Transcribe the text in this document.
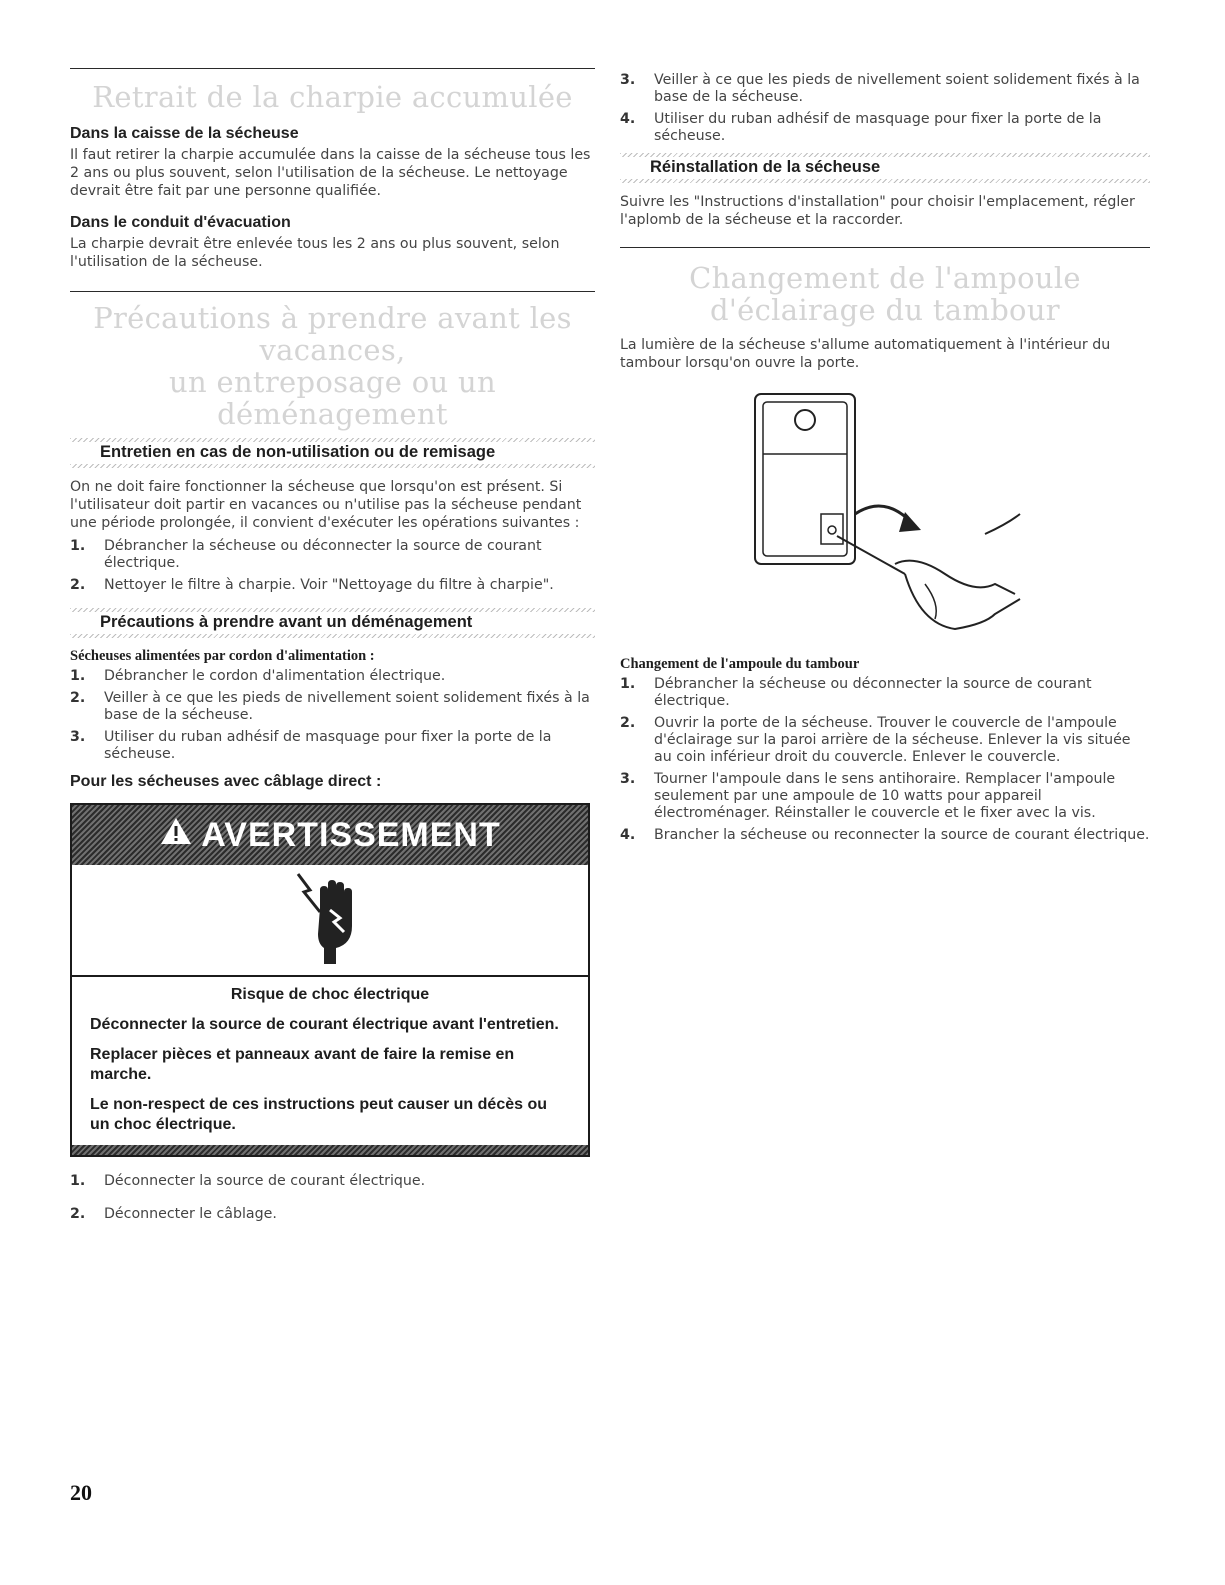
Retrait de la charpie accumulée
Dans la caisse de la sécheuse

Il faut retirer la charpie accumulée dans la caisse de la sécheuse tous les 2 ans ou plus souvent, selon l'utilisation de la sécheuse. Le nettoyage devrait être fait par une personne qualifiée.

Dans le conduit d'évacuation

La charpie devrait être enlevée tous les 2 ans ou plus souvent, selon l'utilisation de la sécheuse.

Précautions à prendre avant les vacances,
un entreposage ou un déménagement
Entretien en cas de non-utilisation ou de remisage

On ne doit faire fonctionner la sécheuse que lorsqu'on est présent. Si l'utilisateur doit partir en vacances ou n'utilise pas la sécheuse pendant une période prolongée, il convient d'exécuter les opérations suivantes :

1.	Débrancher la sécheuse ou déconnecter la source de courant électrique.
2.	Nettoyer le filtre à charpie. Voir "Nettoyage du filtre à charpie".
Précautions à prendre avant un déménagement
Sécheuses alimentées par cordon d'alimentation :
1.	Débrancher le cordon d'alimentation électrique.
2.	Veiller à ce que les pieds de nivellement soient solidement fixés à la base de la sécheuse.
3.	Utiliser du ruban adhésif de masquage pour fixer la porte de la sécheuse.
Pour les sécheuses avec câblage direct :
AVERTISSEMENT
Risque de choc électrique
Déconnecter la source de courant électrique avant l'entretien.
Replacer pièces et panneaux avant de faire la remise en marche.
Le non-respect de ces instructions peut causer un décès ou un choc électrique.
1.	Déconnecter la source de courant électrique.
2.	Déconnecter le câblage.
3.	Veiller à ce que les pieds de nivellement soient solidement fixés à la base de la sécheuse.
4.	Utiliser du ruban adhésif de masquage pour fixer la porte de la sécheuse.
Réinstallation de la sécheuse

Suivre les "Instructions d'installation" pour choisir l'emplacement, régler l'aplomb de la sécheuse et la raccorder.

Changement de l'ampoule
d'éclairage du tambour

La lumière de la sécheuse s'allume automatiquement à l'intérieur du tambour lorsqu'on ouvre la porte.

Changement de l'ampoule du tambour
1.	Débrancher la sécheuse ou déconnecter la source de courant électrique.
2.	Ouvrir la porte de la sécheuse. Trouver le couvercle de l'ampoule d'éclairage sur la paroi arrière de la sécheuse. Enlever la vis située au coin inférieur droit du couvercle. Enlever le couvercle.
3.	Tourner l'ampoule dans le sens antihoraire. Remplacer l'ampoule seulement par une ampoule de 10 watts pour appareil électroménager. Réinstaller le couvercle et le fixer avec la vis.
4.	Brancher la sécheuse ou reconnecter la source de courant électrique.
20
